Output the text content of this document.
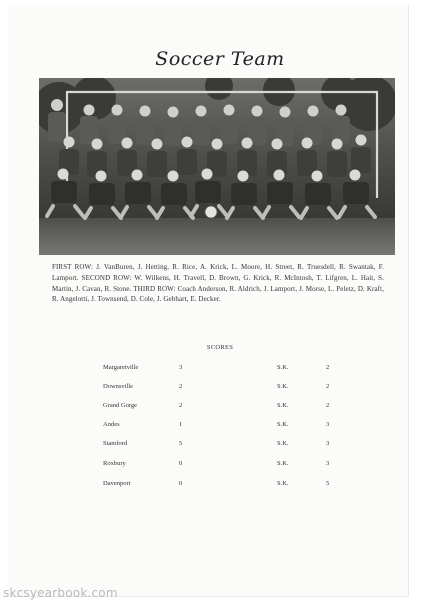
Soccer Team
FIRST ROW: J. VanBuren, J. Hetting, R. Rice, A. Krick, L. Moore, H. Street, R. Truesdell, R. Swantak, F. Lamport. SECOND ROW: W. Wilkens, H. Travell, D. Brown, G. Krick, R. McIntosh, T. Lifgren, L. Hait, S. Martin, J. Cavan, R. Stone. THIRD ROW: Coach Anderson, R. Aldrich, J. Lamport, J. Morse, L. Peletz, D. Kraft, R. Angelotti, J. Townsend, D. Cole, J. Gebhart, E. Decker.
SCORES
Margaretville	3	S.K.	2
Downsville	2	S.K.	2
Grand Gorge	2	S.K.	2
Andes	1	S.K.	3
Stamford	5	S.K.	3
Roxbury	0	S.K.	3
Davenport	0	S.K.	5
skcsyearbook.com
